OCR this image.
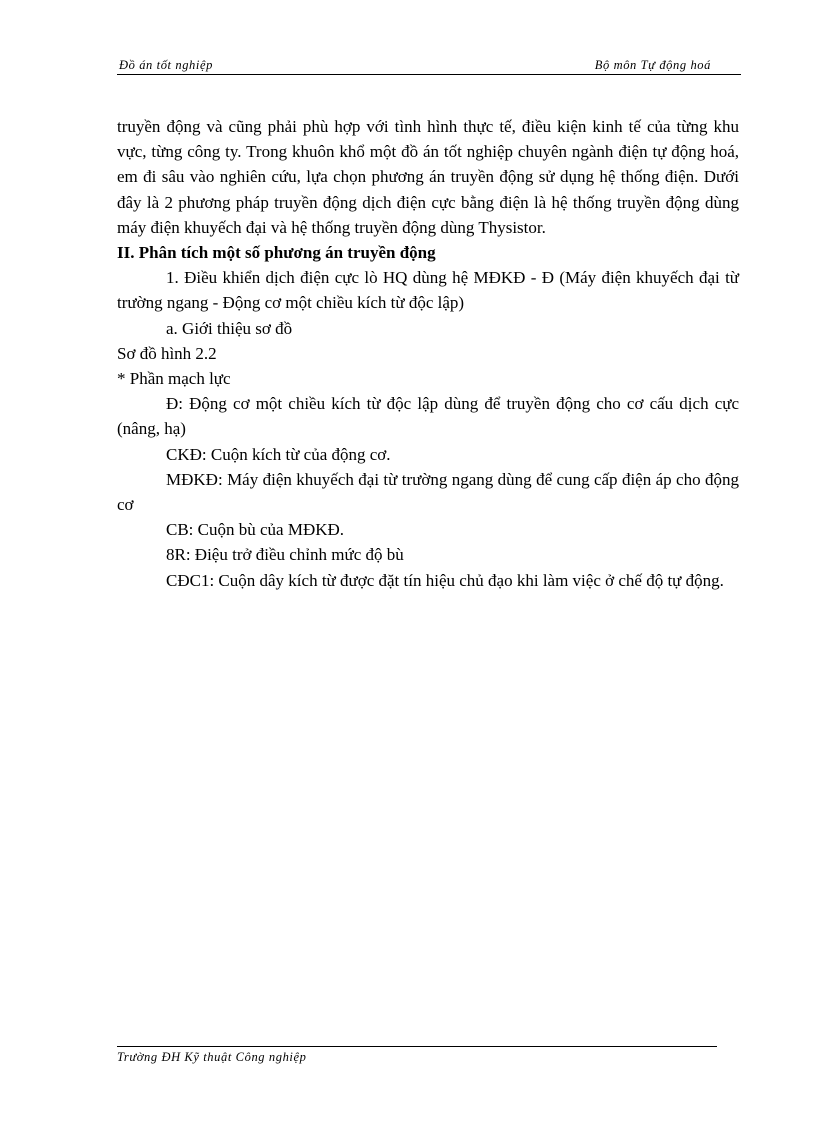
Đồ án tốt nghiệp	Bộ môn Tự động hoá

truyền động và cũng phải phù hợp với tình hình thực tế, điều kiện kinh tế của từng khu vực, từng công ty. Trong khuôn khổ một đồ án tốt nghiệp chuyên ngành điện tự động hoá, em đi sâu vào nghiên cứu, lựa chọn phương án truyền động sử dụng hệ thống điện. Dưới đây là 2 phương pháp truyền động dịch điện cực bằng điện là hệ thống truyền động dùng máy điện khuyếch đại và hệ thống truyền động dùng Thysistor.

II. Phân tích một số phương án truyền động

1. Điều khiển dịch điện cực lò HQ dùng hệ MĐKĐ - Đ (Máy điện khuyếch đại từ trường ngang - Động cơ một chiều kích từ độc lập)

a. Giới thiệu sơ đồ

Sơ đồ hình 2.2

* Phần mạch lực

Đ: Động cơ một chiều kích từ độc lập dùng để truyền động cho cơ cấu dịch cực (nâng, hạ)

CKĐ: Cuộn kích từ của động cơ.

MĐKĐ: Máy điện khuyếch đại từ trường ngang dùng để cung cấp điện áp cho động cơ

CB: Cuộn bù của MĐKĐ.

8R: Điệu trở điều chỉnh mức độ bù

CĐC1: Cuộn dây kích từ được đặt tín hiệu chủ đạo khi làm việc ở chế độ tự động.

Trường ĐH Kỹ thuật Công nghiệp
